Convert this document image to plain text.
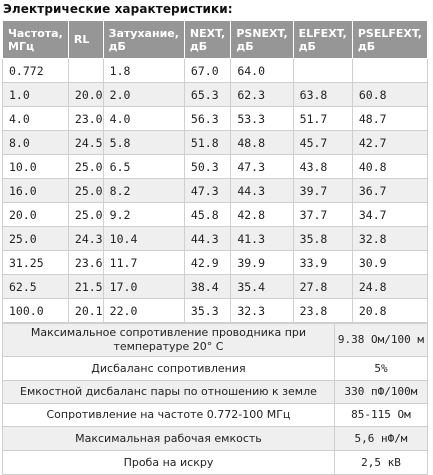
Электрические характеристики:
Частота, МГц	RL	Затухание, дБ	NEXT, дБ	PSNEXT, дБ	ELFEXT, дБ	PSELFEXT, дБ
0.772		1.8	67.0	64.0		
1.0	20.0	2.0	65.3	62.3	63.8	60.8
4.0	23.0	4.0	56.3	53.3	51.7	48.7
8.0	24.5	5.8	51.8	48.8	45.7	42.7
10.0	25.0	6.5	50.3	47.3	43.8	40.8
16.0	25.0	8.2	47.3	44.3	39.7	36.7
20.0	25.0	9.2	45.8	42.8	37.7	34.7
25.0	24.3	10.4	44.3	41.3	35.8	32.8
31.25	23.6	11.7	42.9	39.9	33.9	30.9
62.5	21.5	17.0	38.4	35.4	27.8	24.8
100.0	20.1	22.0	35.3	32.3	23.8	20.8
Максимальное сопротивление проводника при температуре 20° С	9.38 Ом/100 м
Дисбаланс сопротивления	5%
Емкостной дисбаланс пары по отношению к земле	330 пФ/100м
Сопротивление на частоте 0.772-100 МГц	85-115 Ом
Максимальная рабочая емкость	5,6 нФ/м
Проба на искру	2,5 кВ
